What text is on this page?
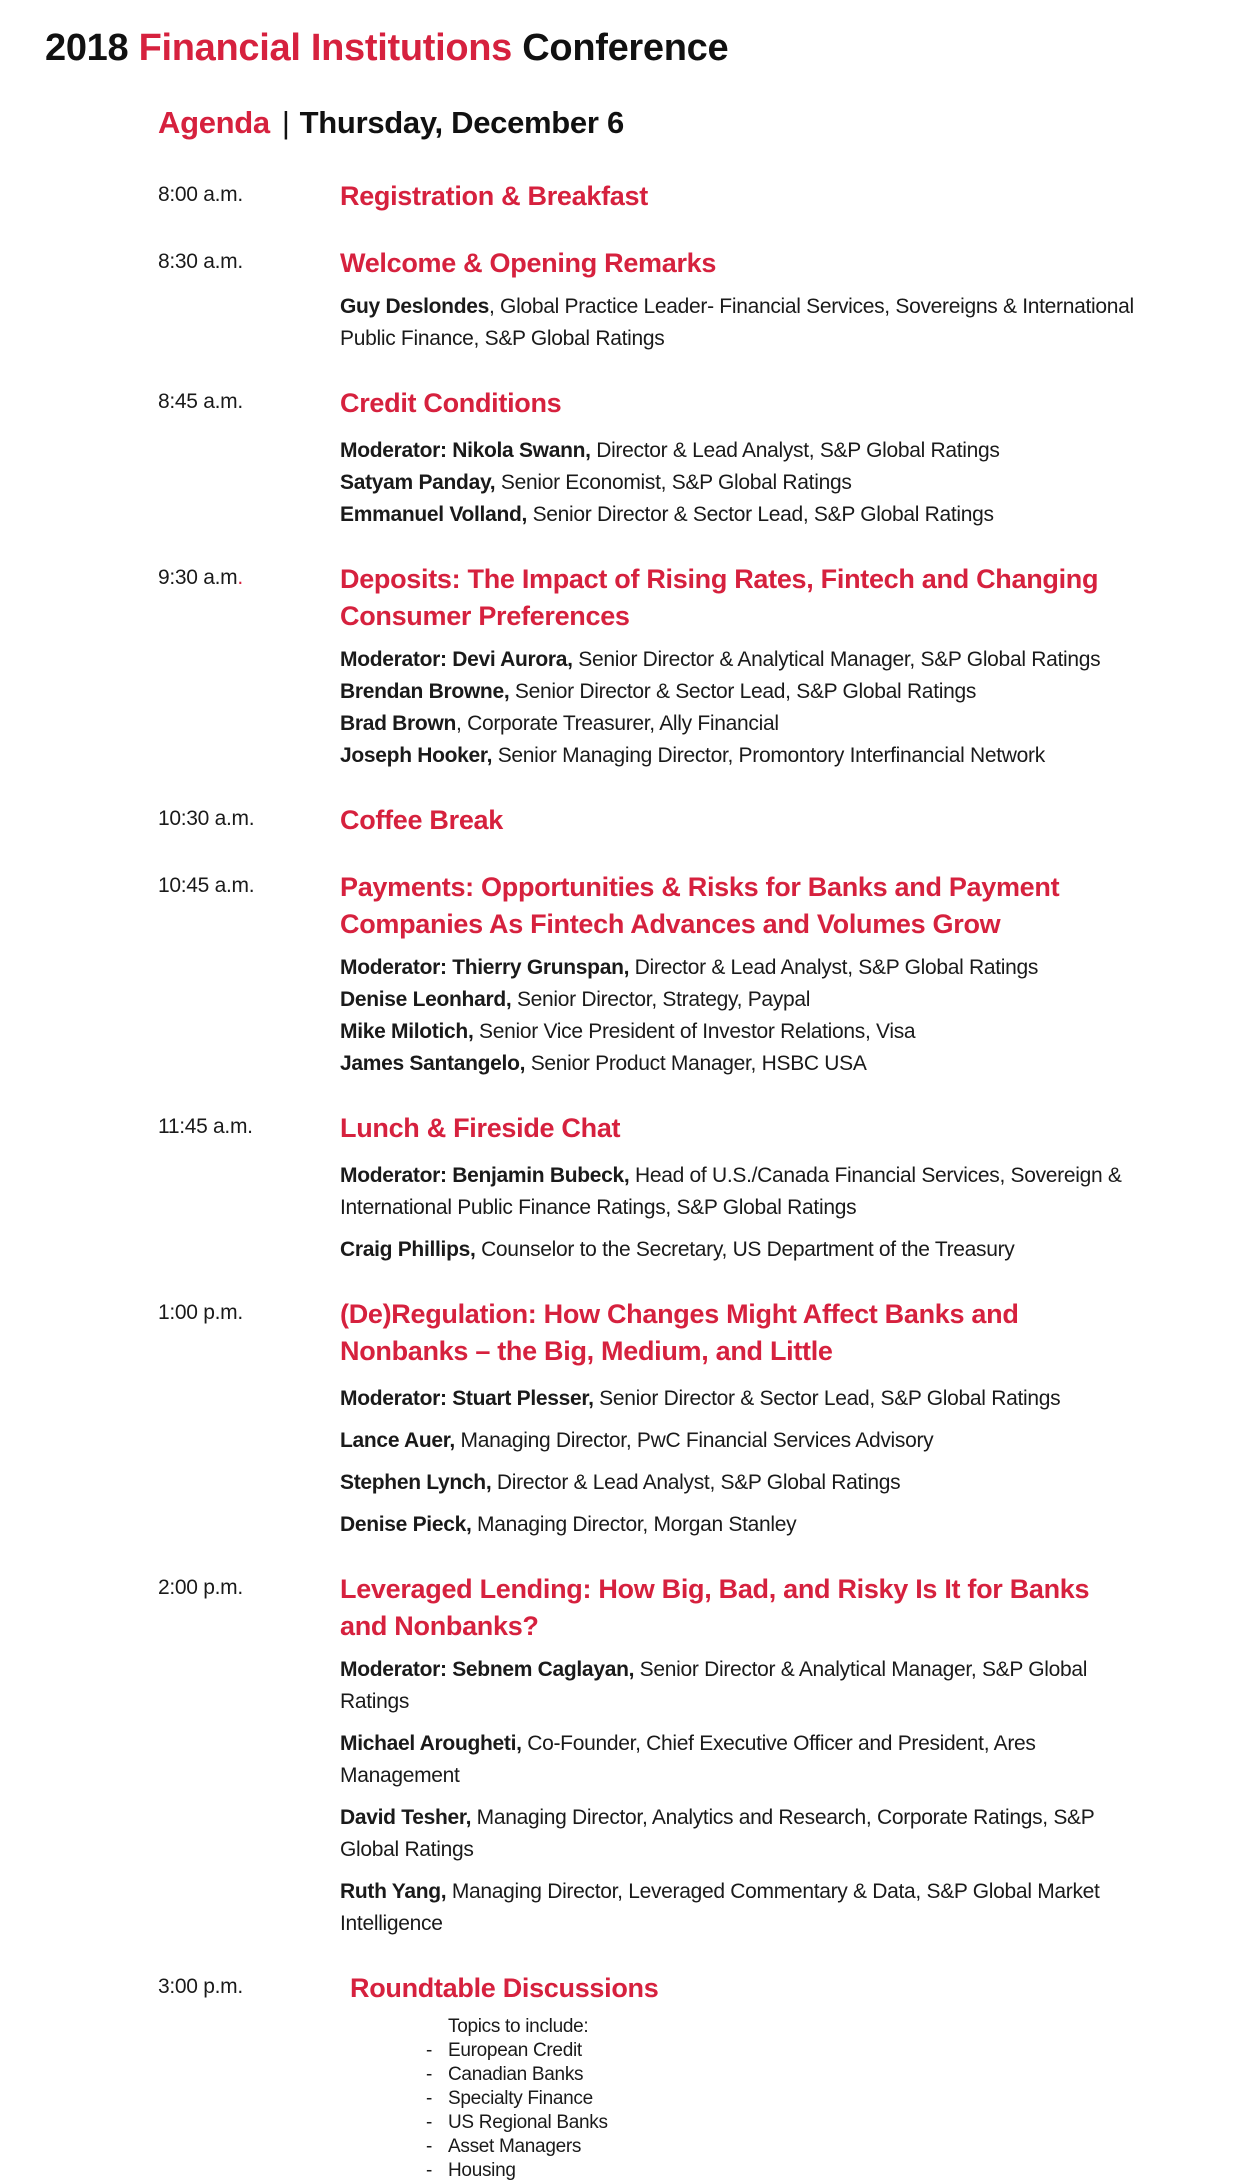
2018 Financial Institutions Conference
Agenda | Thursday, December 6
8:00 a.m.	Registration & Breakfast
8:30 a.m.	Welcome & Opening Remarks

Guy Deslondes, Global Practice Leader- Financial Services, Sovereigns & International Public Finance, S&P Global Ratings

8:45 a.m.	Credit Conditions

Moderator: Nikola Swann, Director & Lead Analyst, S&P Global Ratings

Satyam Panday, Senior Economist, S&P Global Ratings

Emmanuel Volland, Senior Director & Sector Lead, S&P Global Ratings

9:30 a.m.	Deposits: The Impact of Rising Rates, Fintech and Changing Consumer Preferences

Moderator: Devi Aurora, Senior Director & Analytical Manager, S&P Global Ratings

Brendan Browne, Senior Director & Sector Lead, S&P Global Ratings

Brad Brown, Corporate Treasurer, Ally Financial

Joseph Hooker, Senior Managing Director, Promontory Interfinancial Network

10:30 a.m.	Coffee Break
10:45 a.m.	Payments: Opportunities & Risks for Banks and Payment Companies As Fintech Advances and Volumes Grow

Moderator: Thierry Grunspan, Director & Lead Analyst, S&P Global Ratings

Denise Leonhard, Senior Director, Strategy, Paypal

Mike Milotich, Senior Vice President of Investor Relations, Visa

James Santangelo, Senior Product Manager, HSBC USA

11:45 a.m.	Lunch & Fireside Chat

Moderator: Benjamin Bubeck, Head of U.S./Canada Financial Services, Sovereign & International Public Finance Ratings, S&P Global Ratings

Craig Phillips, Counselor to the Secretary, US Department of the Treasury

1:00 p.m.	(De)Regulation: How Changes Might Affect Banks and Nonbanks – the Big, Medium, and Little

Moderator: Stuart Plesser, Senior Director & Sector Lead, S&P Global Ratings

Lance Auer, Managing Director, PwC Financial Services Advisory

Stephen Lynch, Director & Lead Analyst, S&P Global Ratings

Denise Pieck, Managing Director, Morgan Stanley

2:00 p.m.	Leveraged Lending: How Big, Bad, and Risky Is It for Banks and Nonbanks?

Moderator: Sebnem Caglayan, Senior Director & Analytical Manager, S&P Global Ratings

Michael Arougheti, Co-Founder, Chief Executive Officer and President, Ares Management

David Tesher, Managing Director, Analytics and Research, Corporate Ratings, S&P Global Ratings

Ruth Yang, Managing Director, Leveraged Commentary & Data, S&P Global Market Intelligence

3:00 p.m.	Roundtable Discussions
Topics to include:
- European Credit
- Canadian Banks
- Specialty Finance
- US Regional Banks
- Asset Managers
- Housing
